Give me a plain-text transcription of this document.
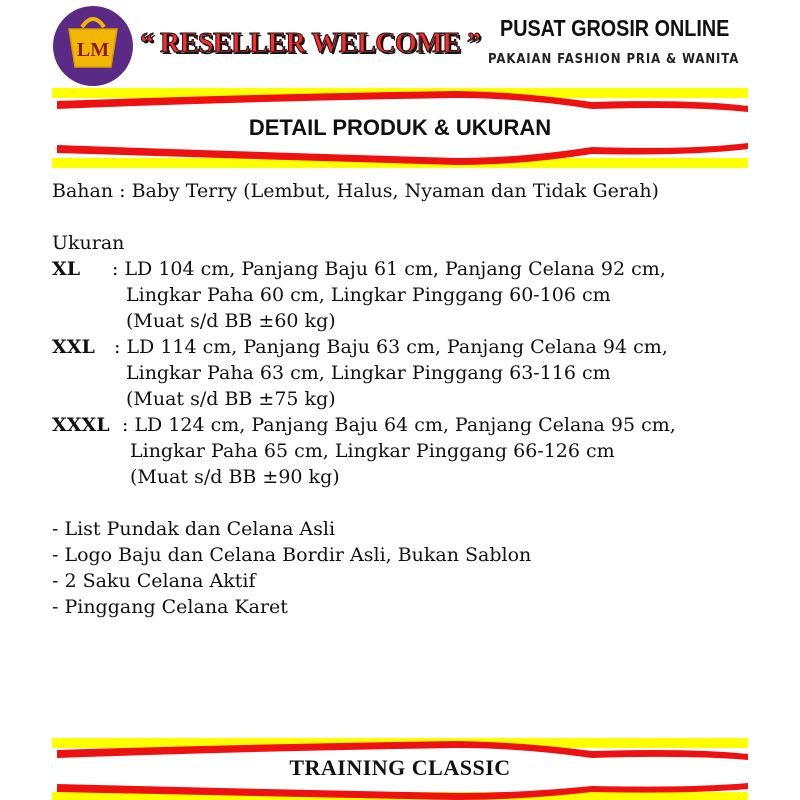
LM “ RESELLER WELCOME ” PUSAT GROSIR ONLINE
PAKAIAN FASHION PRIA & WANITA
DETAIL PRODUK & UKURAN
Bahan : Baby Terry (Lembut, Halus, Nyaman dan Tidak Gerah)
Ukuran
XL : LD 104 cm, Panjang Baju 61 cm, Panjang Celana 92 cm,
Lingkar Paha 60 cm, Lingkar Pinggang 60-106 cm
(Muat s/d BB ±60 kg)
XXL : LD 114 cm, Panjang Baju 63 cm, Panjang Celana 94 cm,
Lingkar Paha 63 cm, Lingkar Pinggang 63-116 cm
(Muat s/d BB ±75 kg)
XXXL : LD 124 cm, Panjang Baju 64 cm, Panjang Celana 95 cm,
Lingkar Paha 65 cm, Lingkar Pinggang 66-126 cm
(Muat s/d BB ±90 kg)
- List Pundak dan Celana Asli
- Logo Baju dan Celana Bordir Asli, Bukan Sablon
- 2 Saku Celana Aktif
- Pinggang Celana Karet
TRAINING CLASSIC
